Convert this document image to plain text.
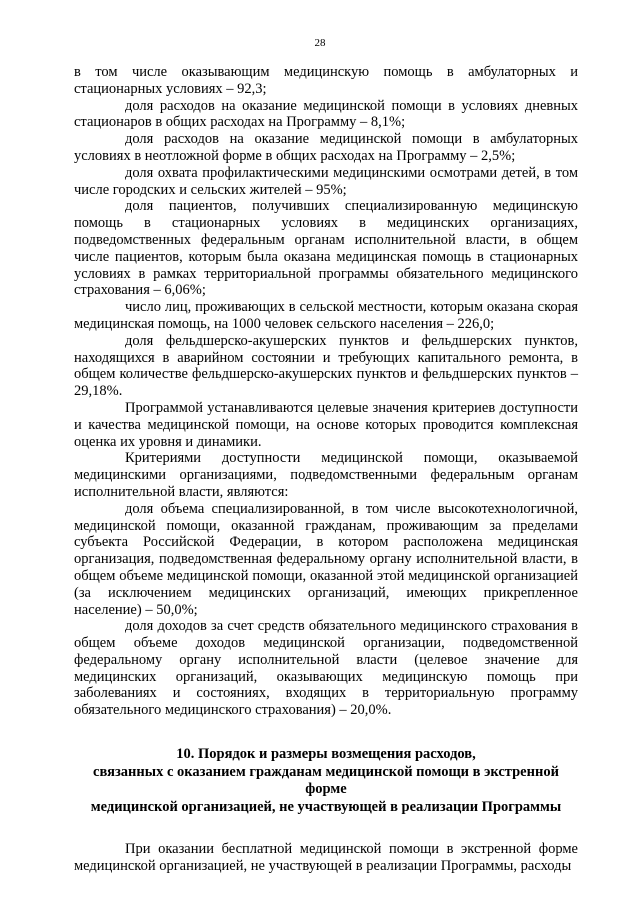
28

в том числе оказывающим медицинскую помощь в амбулаторных и стационарных условиях – 92,3;

доля расходов на оказание медицинской помощи в условиях дневных стационаров в общих расходах на Программу – 8,1%;

доля расходов на оказание медицинской помощи в амбулаторных условиях в неотложной форме в общих расходах на Программу – 2,5%;

доля охвата профилактическими медицинскими осмотрами детей, в том числе городских и сельских жителей – 95%;

доля пациентов, получивших специализированную медицинскую помощь в стационарных условиях в медицинских организациях, подведомственных федеральным органам исполнительной власти, в общем числе пациентов, которым была оказана медицинская помощь в стационарных условиях в рамках территориальной программы обязательного медицинского страхования – 6,06%;

число лиц, проживающих в сельской местности, которым оказана скорая медицинская помощь, на 1000 человек сельского населения – 226,0;

доля фельдшерско-акушерских пунктов и фельдшерских пунктов, находящихся в аварийном состоянии и требующих капитального ремонта, в общем количестве фельдшерско-акушерских пунктов и фельдшерских пунктов – 29,18%.

Программой устанавливаются целевые значения критериев доступности и качества медицинской помощи, на основе которых проводится комплексная оценка их уровня и динамики.

Критериями доступности медицинской помощи, оказываемой медицинскими организациями, подведомственными федеральным органам исполнительной власти, являются:

доля объема специализированной, в том числе высокотехнологичной, медицинской помощи, оказанной гражданам, проживающим за пределами субъекта Российской Федерации, в котором расположена медицинская организация, подведомственная федеральному органу исполнительной власти, в общем объеме медицинской помощи, оказанной этой медицинской организацией (за исключением медицинских организаций, имеющих прикрепленное население) – 50,0%;

доля доходов за счет средств обязательного медицинского страхования в общем объеме доходов медицинской организации, подведомственной федеральному органу исполнительной власти (целевое значение для медицинских организаций, оказывающих медицинскую помощь при заболеваниях и состояниях, входящих в территориальную программу обязательного медицинского страхования) – 20,0%.

10. Порядок и размеры возмещения расходов,
связанных с оказанием гражданам медицинской помощи в экстренной форме
медицинской организацией, не участвующей в реализации Программы

При оказании бесплатной медицинской помощи в экстренной форме медицинской организацией, не участвующей в реализации Программы, расходы
